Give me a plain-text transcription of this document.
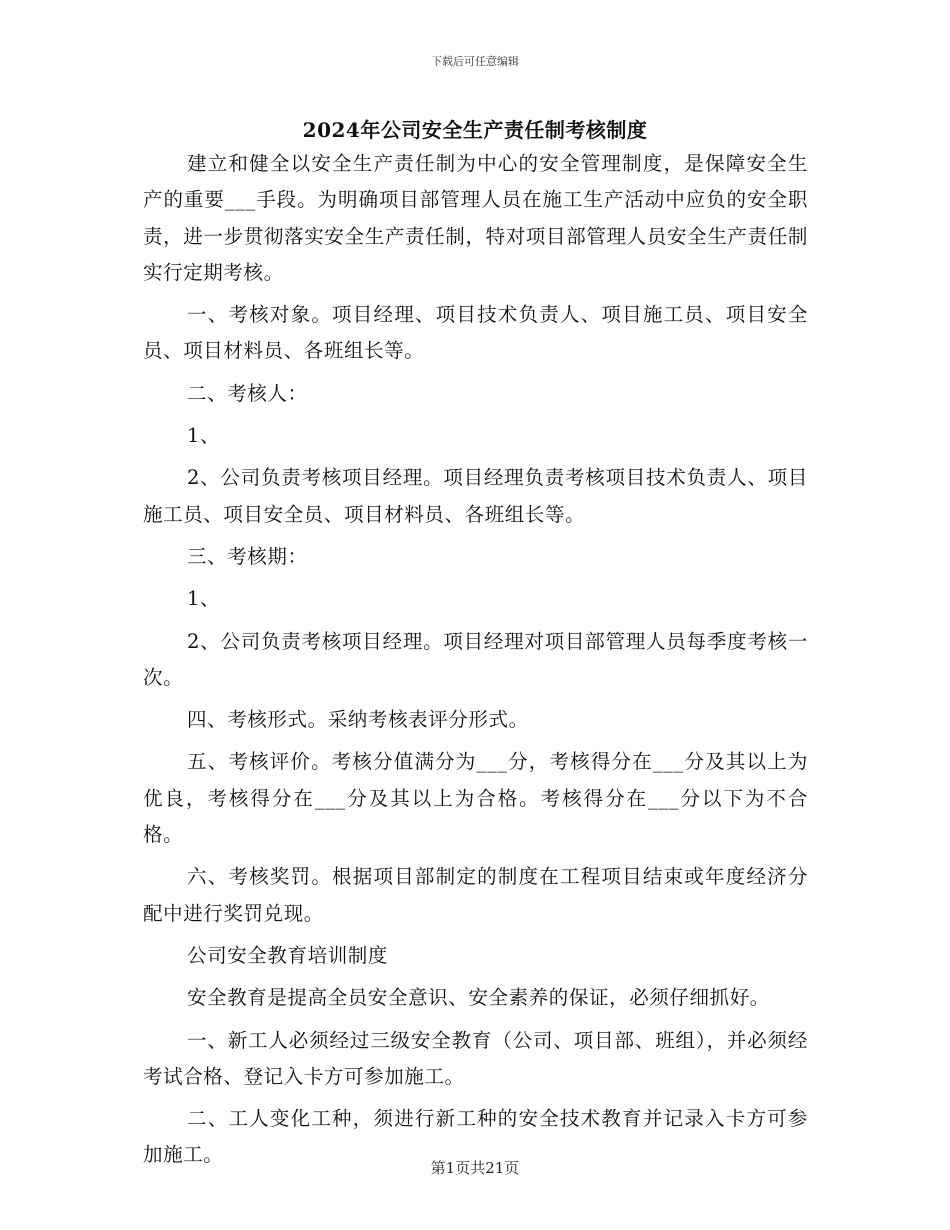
下载后可任意编辑
2024年公司安全生产责任制考核制度

建立和健全以安全生产责任制为中心的安全管理制度，是保障安全生产的重要___手段。为明确项目部管理人员在施工生产活动中应负的安全职责，进一步贯彻落实安全生产责任制，特对项目部管理人员安全生产责任制实行定期考核。

一、考核对象。项目经理、项目技术负责人、项目施工员、项目安全员、项目材料员、各班组长等。

二、考核人：

1、

2、公司负责考核项目经理。项目经理负责考核项目技术负责人、项目施工员、项目安全员、项目材料员、各班组长等。

三、考核期：

1、

2、公司负责考核项目经理。项目经理对项目部管理人员每季度考核一次。

四、考核形式。采纳考核表评分形式。

五、考核评价。考核分值满分为___分，考核得分在___分及其以上为优良，考核得分在___分及其以上为合格。考核得分在___分以下为不合格。

六、考核奖罚。根据项目部制定的制度在工程项目结束或年度经济分配中进行奖罚兑现。

公司安全教育培训制度

安全教育是提高全员安全意识、安全素养的保证，必须仔细抓好。

一、新工人必须经过三级安全教育（公司、项目部、班组），并必须经考试合格、登记入卡方可参加施工。

二、工人变化工种，须进行新工种的安全技术教育并记录入卡方可参加施工。

第1页共21页
